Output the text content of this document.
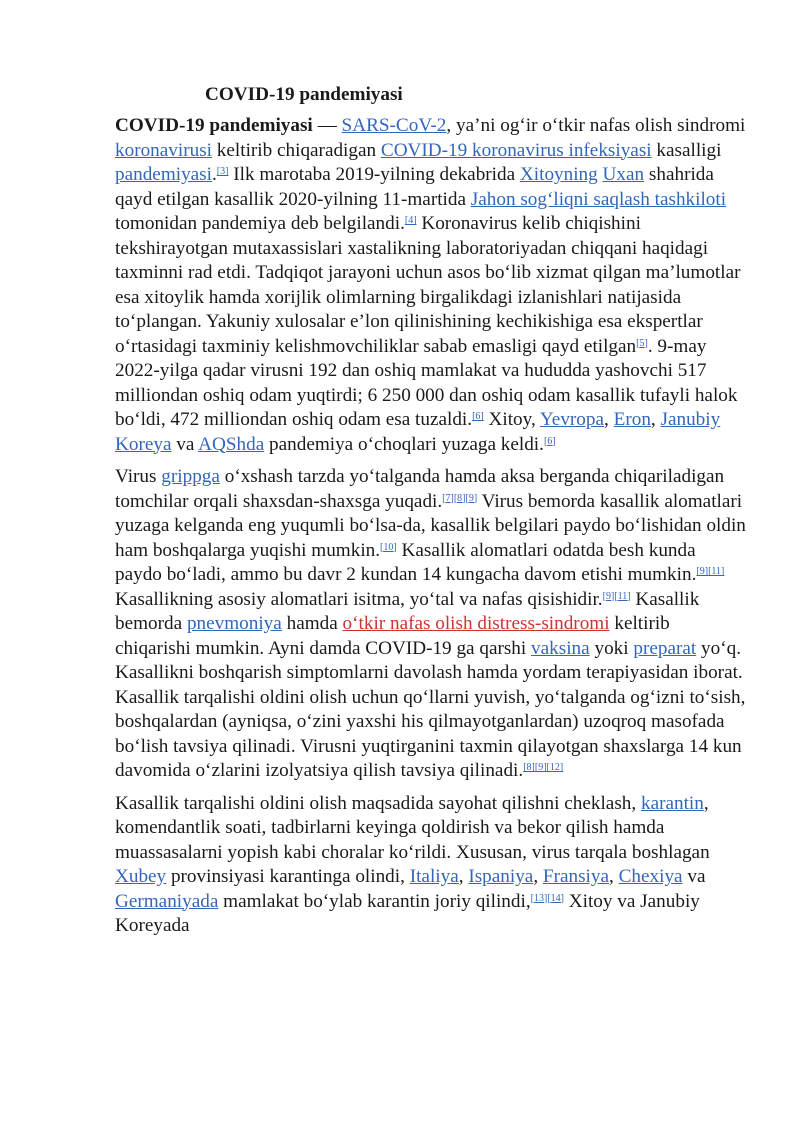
COVID-19 pandemiyasi

COVID-19 pandemiyasi — SARS-CoV-2, ya’ni og‘ir o‘tkir nafas olish sindromi koronavirusi keltirib chiqaradigan COVID-19 koronavirus infeksiyasi kasalligi pandemiyasi.[3] Ilk marotaba 2019-yilning dekabrida Xitoyning Uxan shahrida qayd etilgan kasallik 2020-yilning 11-martida Jahon sog‘liqni saqlash tashkiloti tomonidan pandemiya deb belgilandi.[4] Koronavirus kelib chiqishini tekshirayotgan mutaxassislari xastalikning laboratoriyadan chiqqani haqidagi taxminni rad etdi. Tadqiqot jarayoni uchun asos bo‘lib xizmat qilgan ma’lumotlar esa xitoylik hamda xorijlik olimlarning birgalikdagi izlanishlari natijasida to‘plangan. Yakuniy xulosalar e’lon qilinishining kechikishiga esa ekspertlar o‘rtasidagi taxminiy kelishmovchiliklar sabab emasligi qayd etilgan[5]. 9-may 2022-yilga qadar virusni 192 dan oshiq mamlakat va hududda yashovchi 517 milliondan oshiq odam yuqtirdi; 6 250 000 dan oshiq odam kasallik tufayli halok bo‘ldi, 472 milliondan oshiq odam esa tuzaldi.[6] Xitoy, Yevropa, Eron, Janubiy Koreya va AQShda pandemiya o‘choqlari yuzaga keldi.[6]

Virus grippga o‘xshash tarzda yo‘talganda hamda aksa berganda chiqariladigan tomchilar orqali shaxsdan-shaxsga yuqadi.[7][8][9] Virus bemorda kasallik alomatlari yuzaga kelganda eng yuqumli bo‘lsa-da, kasallik belgilari paydo bo‘lishidan oldin ham boshqalarga yuqishi mumkin.[10] Kasallik alomatlari odatda besh kunda paydo bo‘ladi, ammo bu davr 2 kundan 14 kungacha davom etishi mumkin.[9][11] Kasallikning asosiy alomatlari isitma, yo‘tal va nafas qisishidir.[9][11] Kasallik bemorda pnevmoniya hamda o‘tkir nafas olish distress-sindromi keltirib chiqarishi mumkin. Ayni damda COVID-19 ga qarshi vaksina yoki preparat yo‘q. Kasallikni boshqarish simptomlarni davolash hamda yordam terapiyasidan iborat. Kasallik tarqalishi oldini olish uchun qo‘llarni yuvish, yo‘talganda og‘izni to‘sish, boshqalardan (ayniqsa, o‘zini yaxshi his qilmayotganlardan) uzoqroq masofada bo‘lish tavsiya qilinadi. Virusni yuqtirganini taxmin qilayotgan shaxslarga 14 kun davomida o‘zlarini izolyatsiya qilish tavsiya qilinadi.[8][9][12]

Kasallik tarqalishi oldini olish maqsadida sayohat qilishni cheklash, karantin, komendantlik soati, tadbirlarni keyinga qoldirish va bekor qilish hamda muassasalarni yopish kabi choralar ko‘rildi. Xususan, virus tarqala boshlagan Xubey provinsiyasi karantinga olindi, Italiya, Ispaniya, Fransiya, Chexiya va Germaniyada mamlakat bo‘ylab karantin joriy qilindi,[13][14] Xitoy va Janubiy Koreyada
